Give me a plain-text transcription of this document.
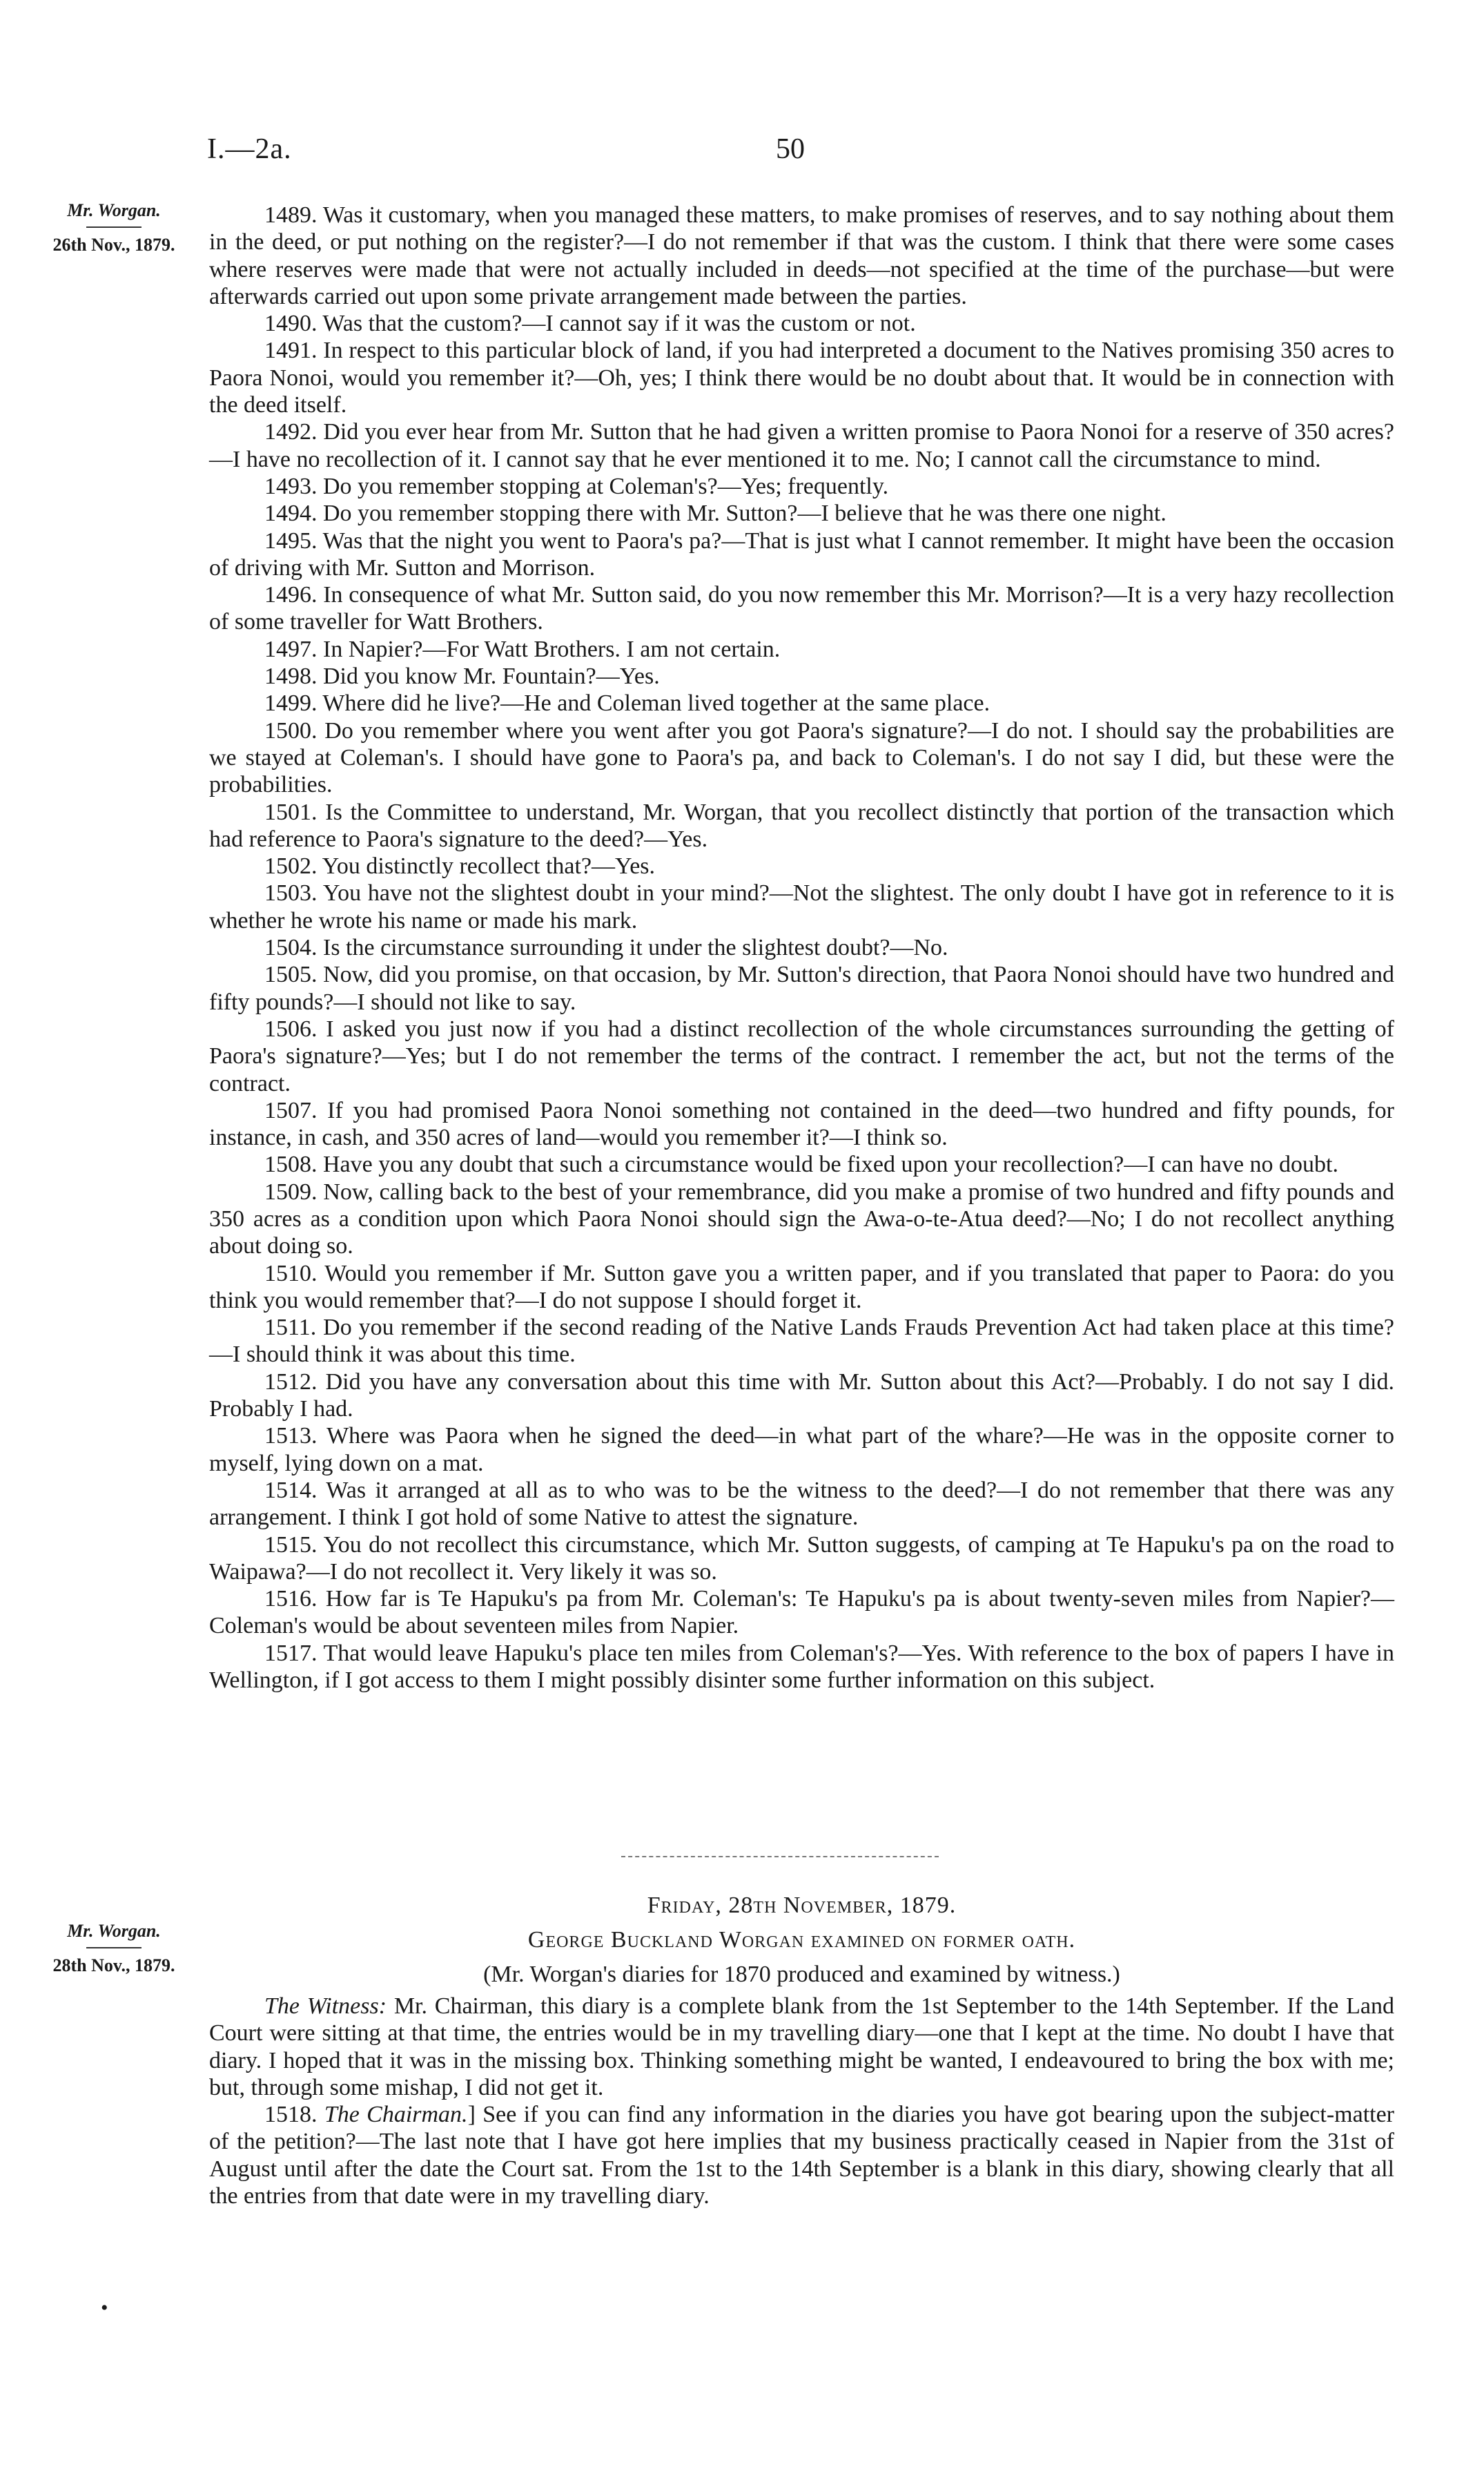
I.—2a.	50
Mr. Worgan.
26th Nov., 1879.
Mr. Worgan.
28th Nov., 1879.

1489. Was it customary, when you managed these matters, to make promises of reserves, and to say nothing about them in the deed, or put nothing on the register?—I do not remember if that was the custom. I think that there were some cases where reserves were made that were not actually included in deeds—not specified at the time of the purchase—but were afterwards carried out upon some private arrangement made between the parties.

1490. Was that the custom?—I cannot say if it was the custom or not.

1491. In respect to this particular block of land, if you had interpreted a document to the Natives promising 350 acres to Paora Nonoi, would you remember it?—Oh, yes; I think there would be no doubt about that. It would be in connection with the deed itself.

1492. Did you ever hear from Mr. Sutton that he had given a written promise to Paora Nonoi for a reserve of 350 acres?—I have no recollection of it. I cannot say that he ever mentioned it to me. No; I cannot call the circumstance to mind.

1493. Do you remember stopping at Coleman's?—Yes; frequently.

1494. Do you remember stopping there with Mr. Sutton?—I believe that he was there one night.

1495. Was that the night you went to Paora's pa?—That is just what I cannot remember. It might have been the occasion of driving with Mr. Sutton and Morrison.

1496. In consequence of what Mr. Sutton said, do you now remember this Mr. Morrison?—It is a very hazy recollection of some traveller for Watt Brothers.

1497. In Napier?—For Watt Brothers. I am not certain.

1498. Did you know Mr. Fountain?—Yes.

1499. Where did he live?—He and Coleman lived together at the same place.

1500. Do you remember where you went after you got Paora's signature?—I do not. I should say the probabilities are we stayed at Coleman's. I should have gone to Paora's pa, and back to Coleman's. I do not say I did, but these were the probabilities.

1501. Is the Committee to understand, Mr. Worgan, that you recollect distinctly that portion of the transaction which had reference to Paora's signature to the deed?—Yes.

1502. You distinctly recollect that?—Yes.

1503. You have not the slightest doubt in your mind?—Not the slightest. The only doubt I have got in reference to it is whether he wrote his name or made his mark.

1504. Is the circumstance surrounding it under the slightest doubt?—No.

1505. Now, did you promise, on that occasion, by Mr. Sutton's direction, that Paora Nonoi should have two hundred and fifty pounds?—I should not like to say.

1506. I asked you just now if you had a distinct recollection of the whole circumstances surrounding the getting of Paora's signature?—Yes; but I do not remember the terms of the contract. I remember the act, but not the terms of the contract.

1507. If you had promised Paora Nonoi something not contained in the deed—two hundred and fifty pounds, for instance, in cash, and 350 acres of land—would you remember it?—I think so.

1508. Have you any doubt that such a circumstance would be fixed upon your recollection?—I can have no doubt.

1509. Now, calling back to the best of your remembrance, did you make a promise of two hundred and fifty pounds and 350 acres as a condition upon which Paora Nonoi should sign the Awa-o-te-Atua deed?—No; I do not recollect anything about doing so.

1510. Would you remember if Mr. Sutton gave you a written paper, and if you translated that paper to Paora: do you think you would remember that?—I do not suppose I should forget it.

1511. Do you remember if the second reading of the Native Lands Frauds Prevention Act had taken place at this time?—I should think it was about this time.

1512. Did you have any conversation about this time with Mr. Sutton about this Act?—Probably. I do not say I did. Probably I had.

1513. Where was Paora when he signed the deed—in what part of the whare?—He was in the opposite corner to myself, lying down on a mat.

1514. Was it arranged at all as to who was to be the witness to the deed?—I do not remember that there was any arrangement. I think I got hold of some Native to attest the signature.

1515. You do not recollect this circumstance, which Mr. Sutton suggests, of camping at Te Hapuku's pa on the road to Waipawa?—I do not recollect it. Very likely it was so.

1516. How far is Te Hapuku's pa from Mr. Coleman's: Te Hapuku's pa is about twenty-seven miles from Napier?—Coleman's would be about seventeen miles from Napier.

1517. That would leave Hapuku's place ten miles from Coleman's?—Yes. With reference to the box of papers I have in Wellington, if I got access to them I might possibly disinter some further information on this subject.

Friday, 28th November, 1879.
George Buckland Worgan examined on former oath.
(Mr. Worgan's diaries for 1870 produced and examined by witness.)

The Witness: Mr. Chairman, this diary is a complete blank from the 1st September to the 14th September. If the Land Court were sitting at that time, the entries would be in my travelling diary—one that I kept at the time. No doubt I have that diary. I hoped that it was in the missing box. Thinking something might be wanted, I endeavoured to bring the box with me; but, through some mishap, I did not get it.

1518. The Chairman.] See if you can find any information in the diaries you have got bearing upon the subject-matter of the petition?—The last note that I have got here implies that my business practically ceased in Napier from the 31st of August until after the date the Court sat. From the 1st to the 14th September is a blank in this diary, showing clearly that all the entries from that date were in my travelling diary.

•
